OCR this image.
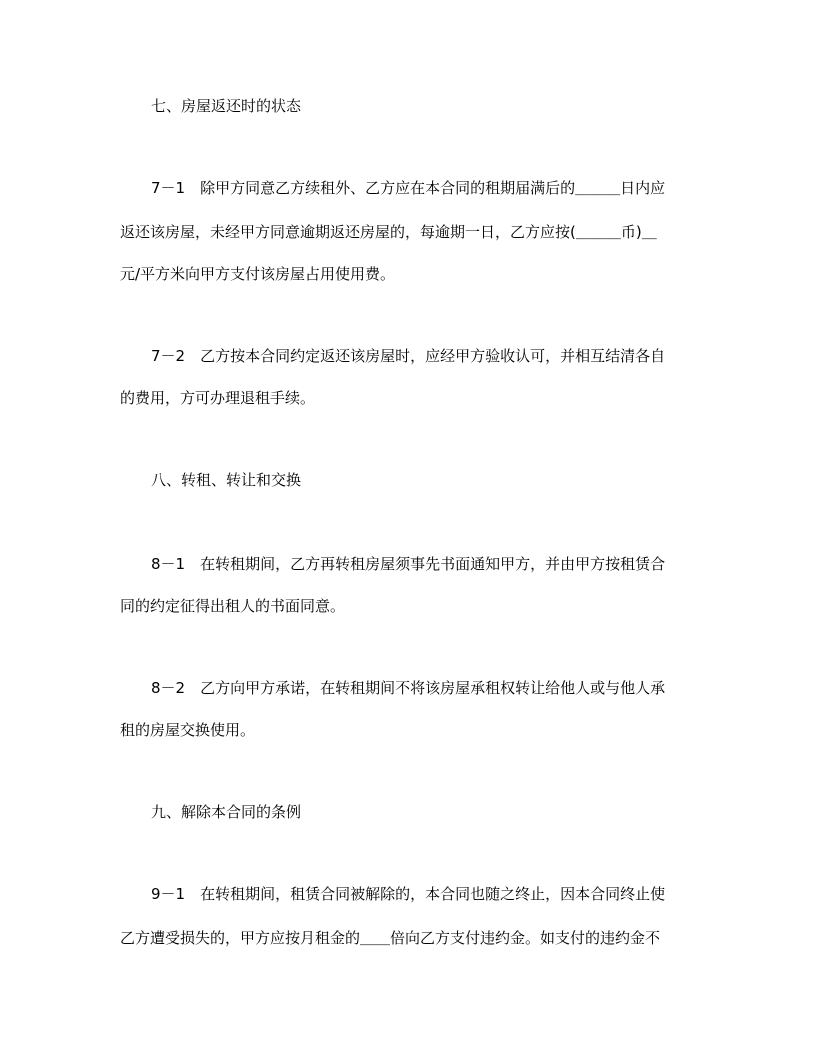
七、房屋返还时的状态
7－1　除甲方同意乙方续租外、乙方应在本合同的租期届满后的＿＿＿日内应
返还该房屋，未经甲方同意逾期返还房屋的，每逾期一日，乙方应按(＿＿＿币)＿
元/平方米向甲方支付该房屋占用使用费。
7－2　乙方按本合同约定返还该房屋时，应经甲方验收认可，并相互结清各自
的费用，方可办理退租手续。
八、转租、转让和交换
8－1　在转租期间，乙方再转租房屋须事先书面通知甲方，并由甲方按租赁合
同的约定征得出租人的书面同意。
8－2　乙方向甲方承诺，在转租期间不将该房屋承租权转让给他人或与他人承
租的房屋交换使用。
九、解除本合同的条例
9－1　在转租期间，租赁合同被解除的，本合同也随之终止，因本合同终止使
乙方遭受损失的，甲方应按月租金的＿＿倍向乙方支付违约金。如支付的违约金不
